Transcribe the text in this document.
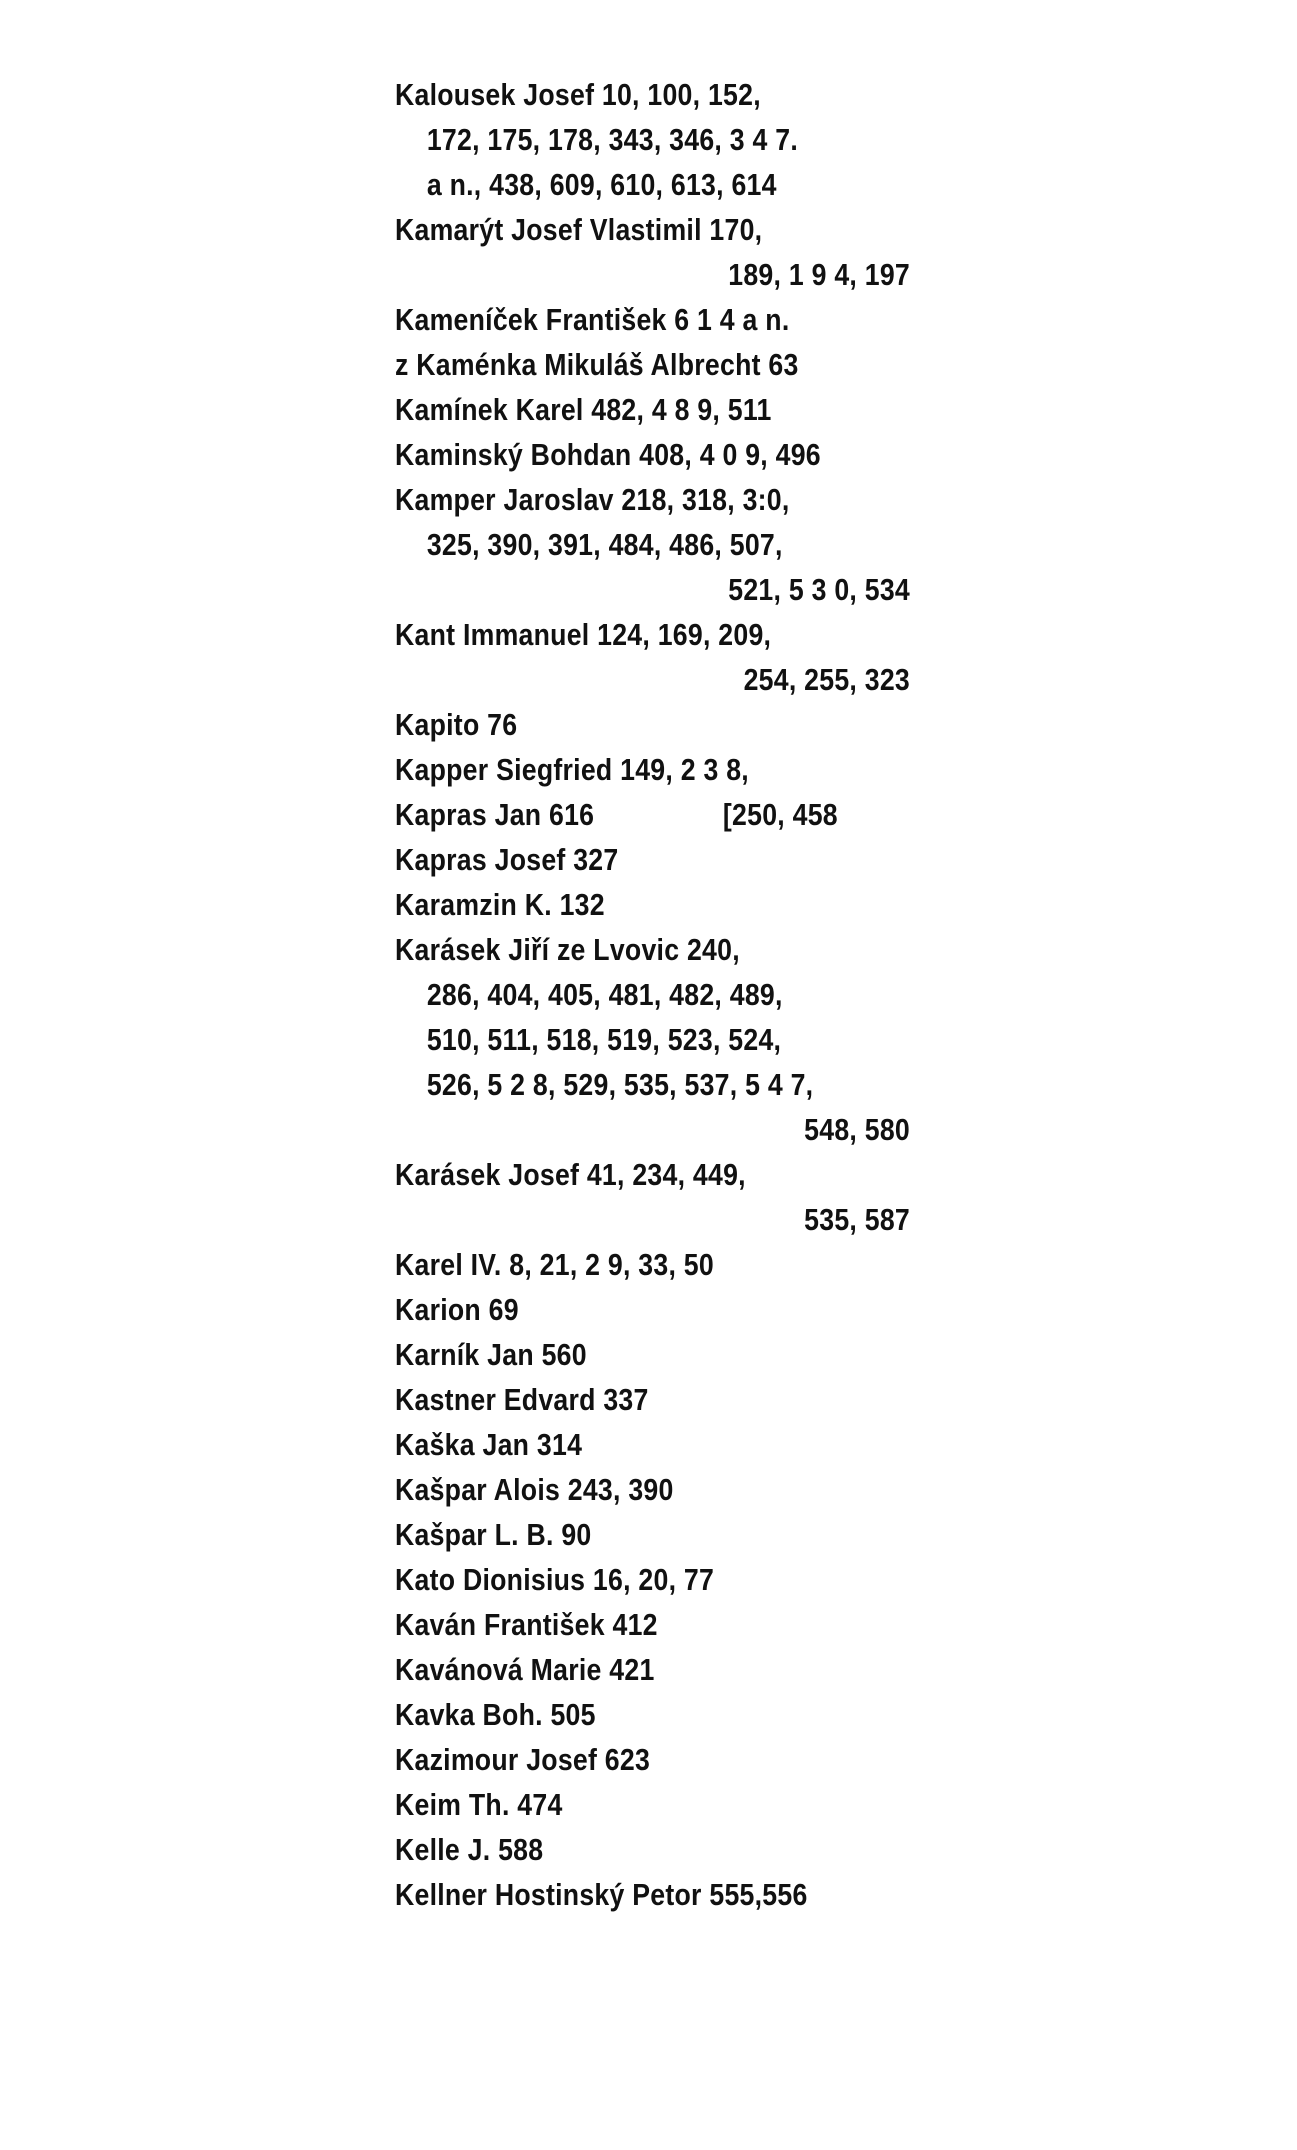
Kalousek Josef 10, 100, 152,
172, 175, 178, 343, 346, 3 4 7.
a n., 438, 609, 610, 613, 614
Kamarýt Josef Vlastimil 170,
189, 1 9 4, 197
Kameníček František 6 1 4 a n.
z Kaménka Mikuláš Albrecht 63
Kamínek Karel 482, 4 8 9, 511
Kaminský Bohdan 408, 4 0 9, 496
Kamper Jaroslav 218, 318, 3:0,
325, 390, 391, 484, 486, 507,
521, 5 3 0, 534
Kant Immanuel 124, 169, 209,
254, 255, 323
Kapito 76
Kapper Siegfried 149, 2 3 8,
Kapras Jan 616	[250, 458
Kapras Josef 327
Karamzin K. 132
Karásek Jiří ze Lvovic 240,
286, 404, 405, 481, 482, 489,
510, 511, 518, 519, 523, 524,
526, 5 2 8, 529, 535, 537, 5 4 7,
548, 580
Karásek Josef 41, 234, 449,
535, 587
Karel IV. 8, 21, 2 9, 33, 50
Karion 69
Karník Jan 560
Kastner Edvard 337
Kaška Jan 314
Kašpar Alois 243, 390
Kašpar L. B. 90
Kato Dionisius 16, 20, 77
Kaván František 412
Kavánová Marie 421
Kavka Boh. 505
Kazimour Josef 623
Keim Th. 474
Kelle J. 588
Kellner Hostinský Petor 555,556
